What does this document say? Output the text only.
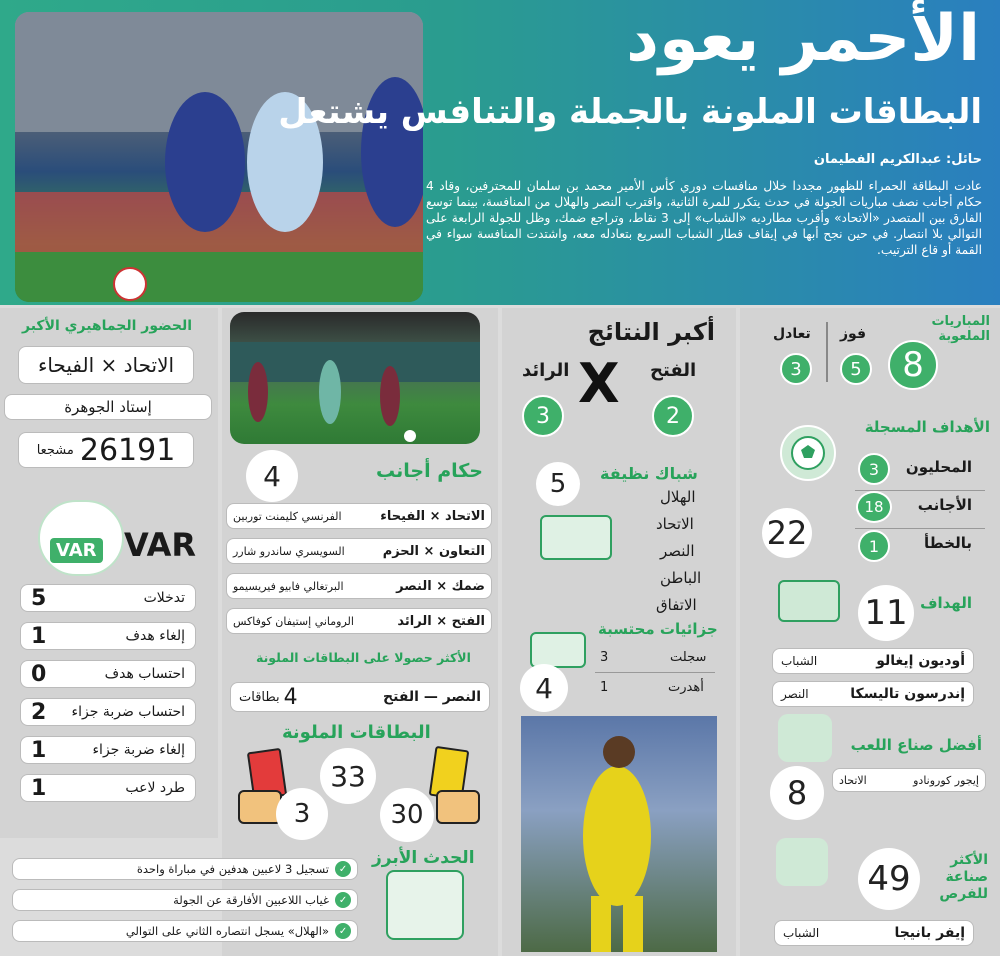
الأحمر يعود
البطاقات الملونة بالجملة والتنافس يشتعل
حائل: عبدالكريم الفطيمان
عادت البطاقة الحمراء للظهور مجددا خلال منافسات دوري كأس الأمير محمد بن سلمان للمحترفين، وقاد 4 حكام أجانب نصف مباريات الجولة في حدث يتكرر للمرة الثانية، واقترب النصر والهلال من المنافسة، بينما توسع الفارق بين المتصدر «الاتحاد» وأقرب مطارديه «الشباب» إلى 3 نقاط، وتراجع ضمك، وظل للجولة الرابعة على التوالي بلا انتصار. في حين نجح أبها في إيقاف قطار الشباب السريع بتعادله معه، واشتدت المنافسة سواء في القمة أو قاع الترتيب.
المباريات الملعوبة
8
فوز
5
تعادل
3
الأهداف المسجلة
المحليون
3
الأجانب
18
بالخطأ
1
22
الهداف
11
أوديون إيغالو
الشباب
إندرسون تاليسكا
النصر
أفضل صناع اللعب
إيجور كورونادو
الاتحاد
8
الأكثر صناعة للفرص
49
إيفر بانيجا
الشباب
أكبر النتائج
الفتح
X
الرائد
2
3
شباك نظيفة
5	الهلال
الاتحاد
النصر
الباطن
الاتفاق
جزائيات محتسبة
4
سجلت
3
أهدرت
1
حكام أجانب
4
الاتحاد × الفيحاء
الفرنسي كليمنت توربين
التعاون × الحزم
السويسري ساندرو شارر
ضمك × النصر
البرتغالي فابيو فيريسيمو
الفتح × الرائد
الروماني إستيفان كوفاكس
الأكثر حصولا على البطاقات الملونة
النصر — الفتح
4
بطاقات
البطاقات الملونة
33
3	30
الحدث الأبرز
✓
تسجيل 3 لاعبين هدفين في مباراة واحدة
✓
غياب اللاعبين الأفارقة عن الجولة
✓
«الهلال» يسجل انتصاره الثاني على التوالي
الحضور الجماهيري الأكبر
الاتحاد × الفيحاء
إستاد الجوهرة
مشجعا 26191
VAR
VAR
تدخلات
5
إلغاء هدف
1
احتساب هدف
0
احتساب ضربة جزاء
2
إلغاء ضربة جزاء
1
طرد لاعب
1
